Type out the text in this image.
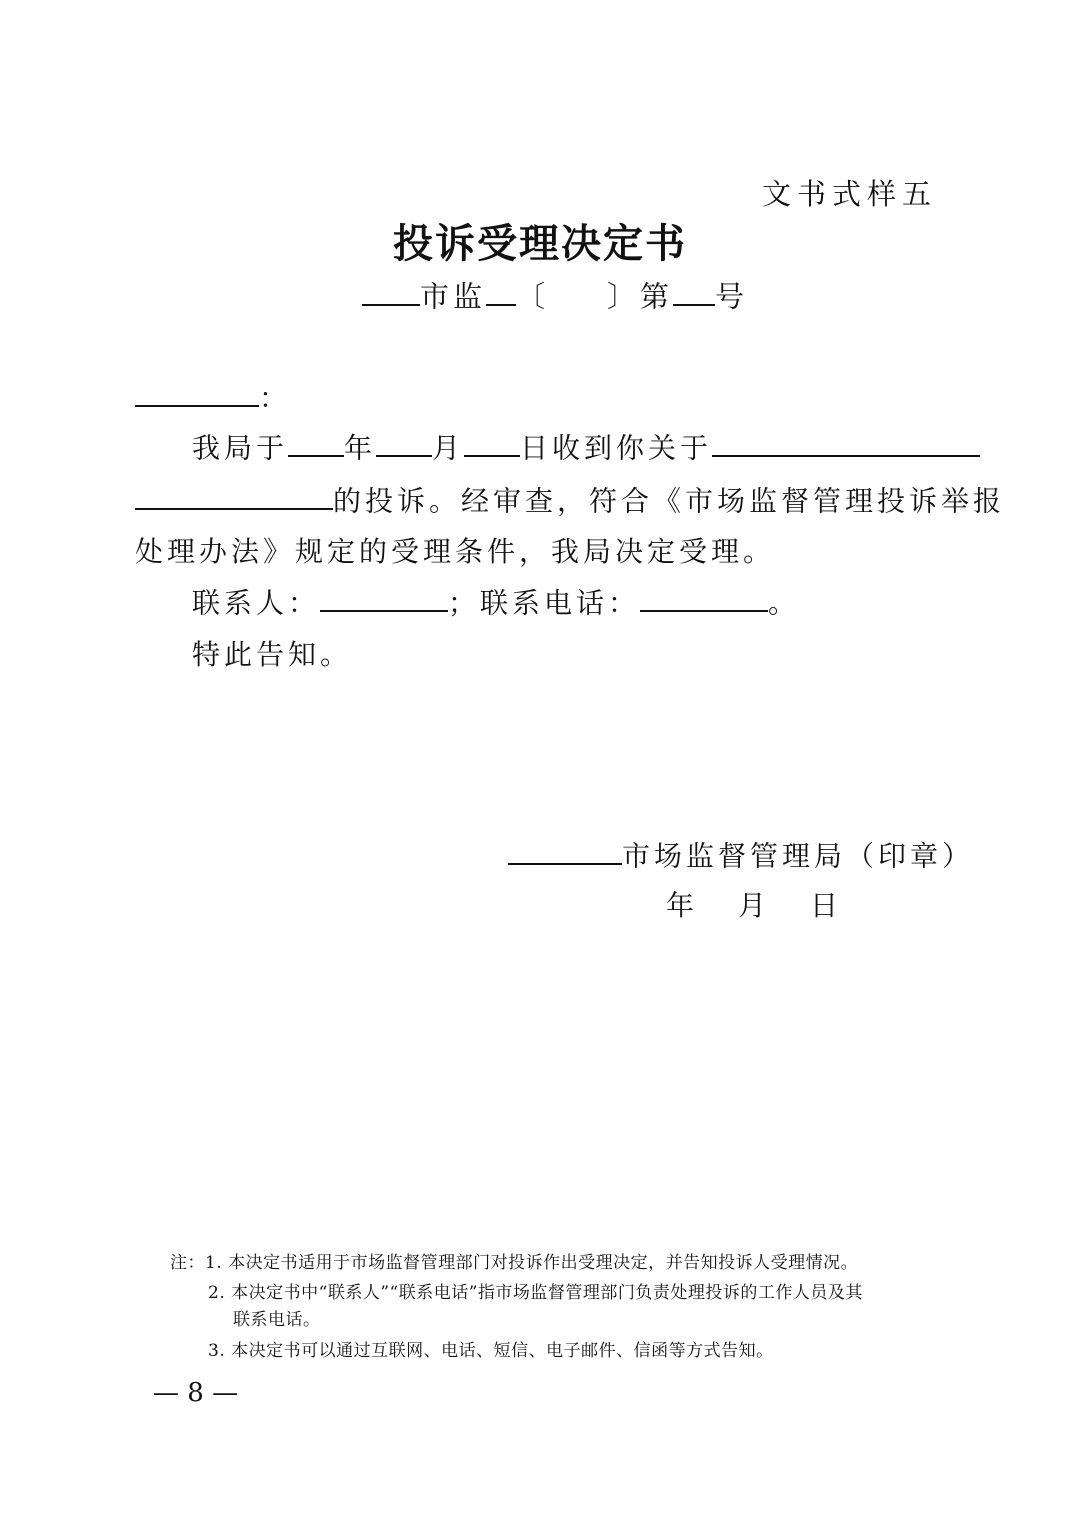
文书式样五
投诉受理决定书
市监 〔 〕第 号
：
我局于 年 月 日收到你关于
的投诉。经审查，符合《市场监督管理投诉举报
处理办法》规定的受理条件，我局决定受理。
联系人：	；联系电话：	。
特此告知。
市场监督管理局（印章）
年 月 日
注：1. 本决定书适用于市场监督管理部门对投诉作出受理决定，并告知投诉人受理情况。
2. 本决定书中“联系人”“联系电话”指市场监督管理部门负责处理投诉的工作人员及其
联系电话。
3. 本决定书可以通过互联网、电话、短信、电子邮件、信函等方式告知。
— 8 —
